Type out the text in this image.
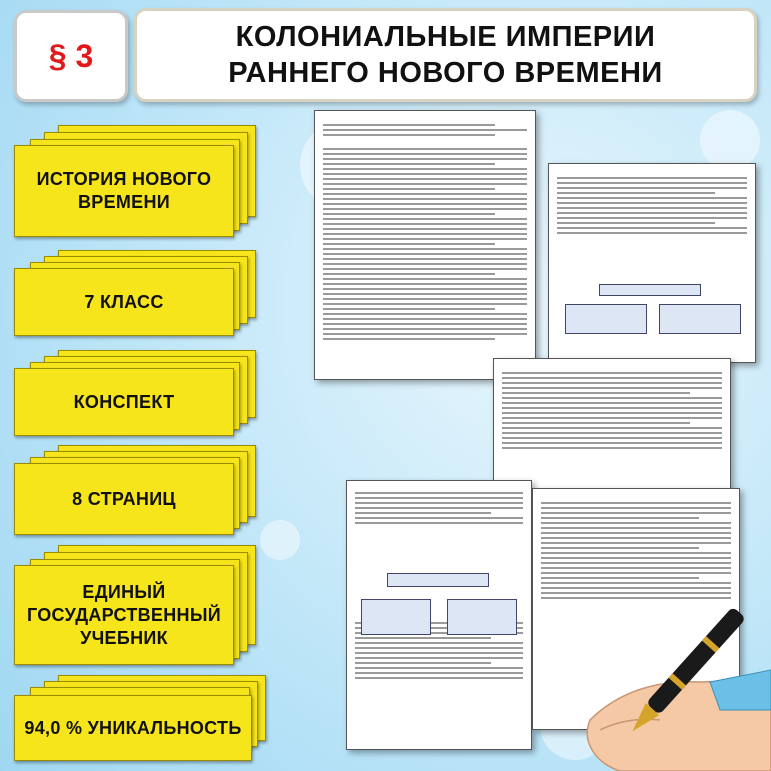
§ 3
КОЛОНИАЛЬНЫЕ ИМПЕРИИ
РАННЕГО НОВОГО ВРЕМЕНИ
ИСТОРИЯ НОВОГО
ВРЕМЕНИ
7 КЛАСС
КОНСПЕКТ
8 СТРАНИЦ
ЕДИНЫЙ
ГОСУДАРСТВЕННЫЙ
УЧЕБНИК
94,0 % УНИКАЛЬНОСТЬ
